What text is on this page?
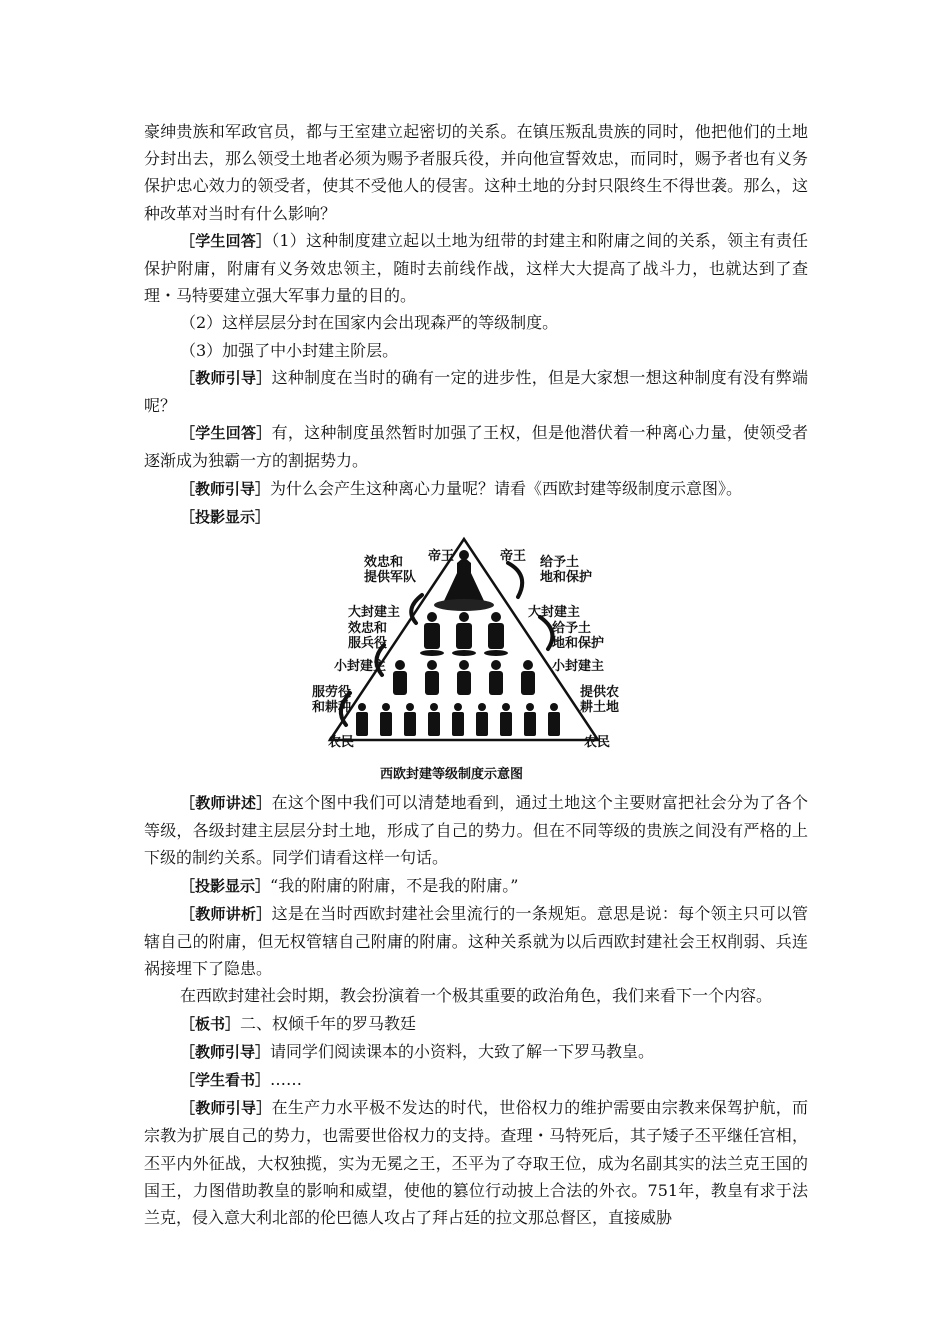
豪绅贵族和军政官员，都与王室建立起密切的关系。在镇压叛乱贵族的同时，他把他们的土地分封出去，那么领受土地者必须为赐予者服兵役，并向他宣誓效忠，而同时，赐予者也有义务保护忠心效力的领受者，使其不受他人的侵害。这种土地的分封只限终生不得世袭。那么，这种改革对当时有什么影响？

［学生回答］（1）这种制度建立起以土地为纽带的封建主和附庸之间的关系，领主有责任保护附庸，附庸有义务效忠领主，随时去前线作战，这样大大提高了战斗力，也就达到了查理・马特要建立强大军事力量的目的。

（2）这样层层分封在国家内会出现森严的等级制度。

（3）加强了中小封建主阶层。

［教师引导］这种制度在当时的确有一定的进步性，但是大家想一想这种制度有没有弊端呢？

［学生回答］有，这种制度虽然暂时加强了王权，但是他潜伏着一种离心力量，使领受者逐渐成为独霸一方的割据势力。

［教师引导］为什么会产生这种离心力量呢？请看《西欧封建等级制度示意图》。

［投影显示］

帝王
效忠和
提供军队
大封建主
效忠和
服兵役
小封建主
服劳役
和耕种
农民
帝王 给予土
地和保护
大封建主
给予土
地和保护
小封建主
提供农
耕土地
农民
西欧封建等级制度示意图

［教师讲述］在这个图中我们可以清楚地看到，通过土地这个主要财富把社会分为了各个等级，各级封建主层层分封土地，形成了自己的势力。但在不同等级的贵族之间没有严格的上下级的制约关系。同学们请看这样一句话。

［投影显示］“我的附庸的附庸，不是我的附庸。”

［教师讲析］这是在当时西欧封建社会里流行的一条规矩。意思是说：每个领主只可以管辖自己的附庸，但无权管辖自己附庸的附庸。这种关系就为以后西欧封建社会王权削弱、兵连祸接埋下了隐患。

在西欧封建社会时期，教会扮演着一个极其重要的政治角色，我们来看下一个内容。

［板书］二、权倾千年的罗马教廷

［教师引导］请同学们阅读课本的小资料，大致了解一下罗马教皇。

［学生看书］……

［教师引导］在生产力水平极不发达的时代，世俗权力的维护需要由宗教来保驾护航，而宗教为扩展自己的势力，也需要世俗权力的支持。查理・马特死后，其子矮子丕平继任宫相，丕平内外征战，大权独揽，实为无冕之王，丕平为了夺取王位，成为名副其实的法兰克王国的国王，力图借助教皇的影响和威望，使他的篡位行动披上合法的外衣。751年，教皇有求于法兰克，侵入意大利北部的伦巴德人攻占了拜占廷的拉文那总督区，直接威胁
